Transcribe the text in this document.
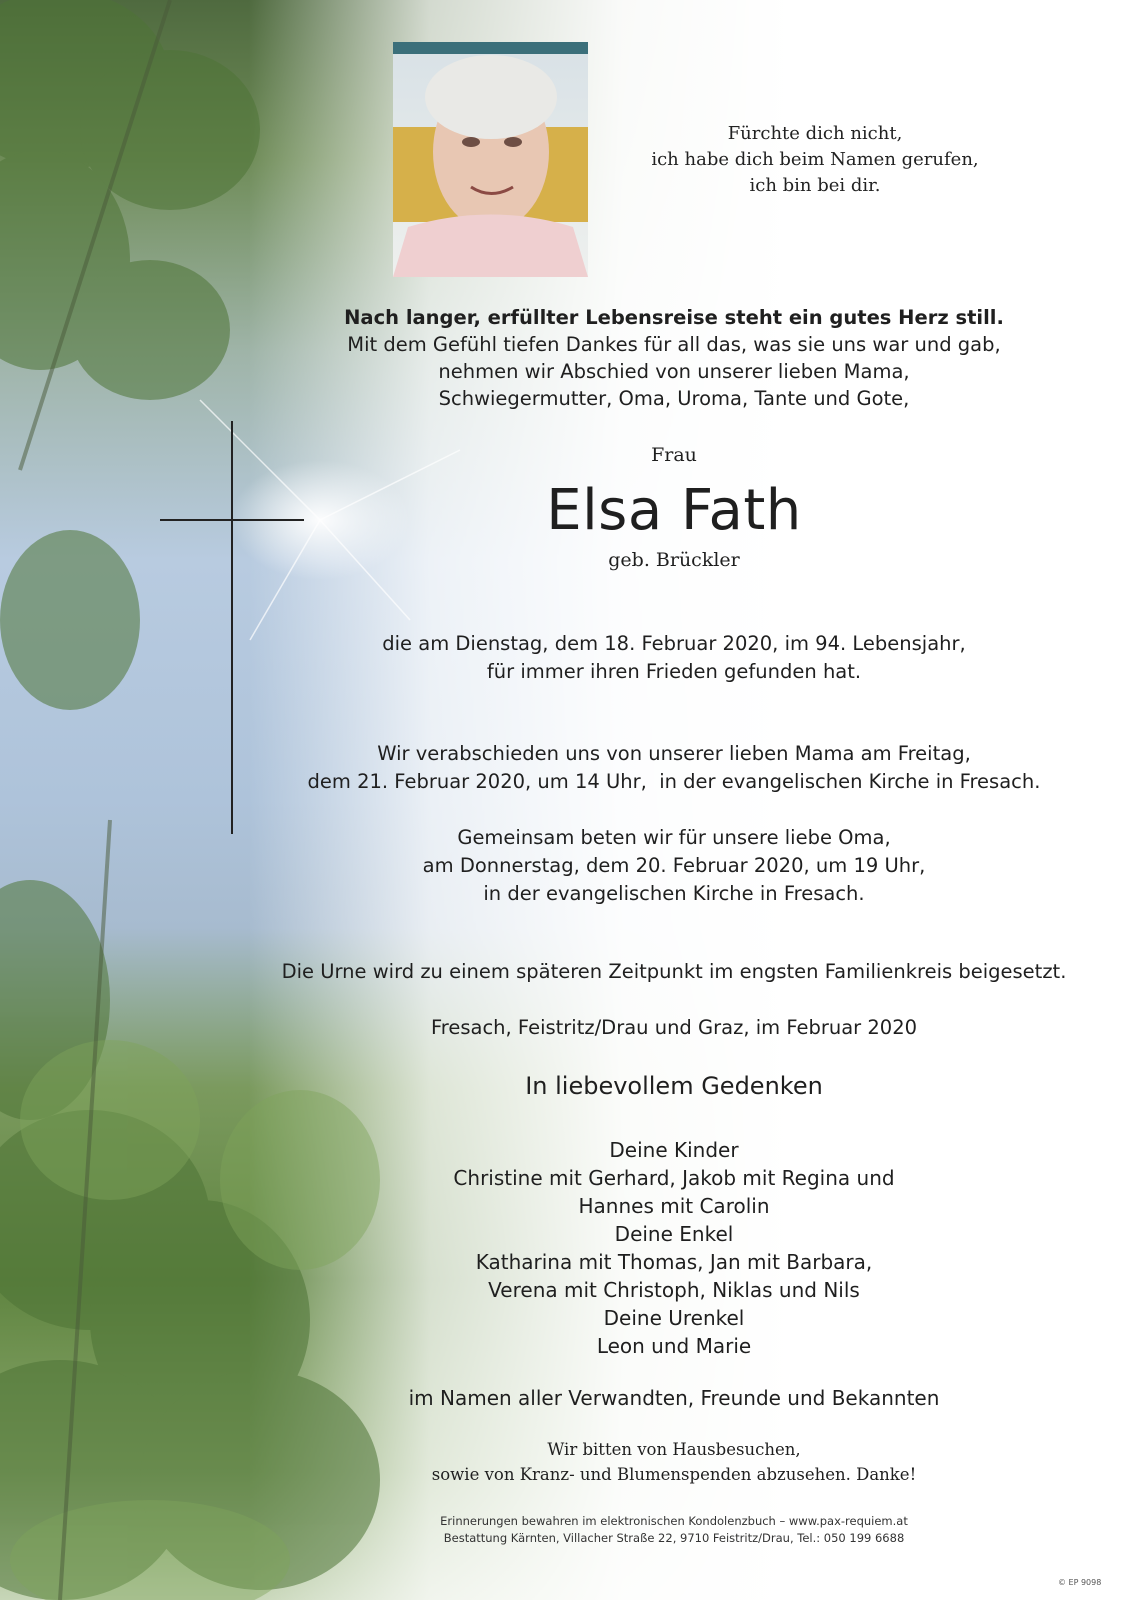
Fürchte dich nicht,
ich habe dich beim Namen gerufen,
ich bin bei dir.

Nach langer, erfüllter Lebensreise steht ein gutes Herz still.

Mit dem Gefühl tiefen Dankes für all das, was sie uns war und gab,

nehmen wir Abschied von unserer lieben Mama,

Schwiegermutter, Oma, Uroma, Tante und Gote,

Frau
Elsa Fath
geb. Brückler

die am Dienstag, dem 18. Februar 2020, im 94. Lebensjahr,

für immer ihren Frieden gefunden hat.

Wir verabschieden uns von unserer lieben Mama am Freitag,

dem 21. Februar 2020, um 14 Uhr,  in der evangelischen Kirche in Fresach.

Gemeinsam beten wir für unsere liebe Oma,

am Donnerstag, dem 20. Februar 2020, um 19 Uhr,

in der evangelischen Kirche in Fresach.

Die Urne wird zu einem späteren Zeitpunkt im engsten Familienkreis beigesetzt.
Fresach, Feistritz/Drau und Graz, im Februar 2020
In liebevollem Gedenken

Deine Kinder

Christine mit Gerhard, Jakob mit Regina und

Hannes mit Carolin

Deine Enkel

Katharina mit Thomas, Jan mit Barbara,

Verena mit Christoph, Niklas und Nils

Deine Urenkel

Leon und Marie

im Namen aller Verwandten, Freunde und Bekannten

Wir bitten von Hausbesuchen,

sowie von Kranz- und Blumenspenden abzusehen. Danke!

Erinnerungen bewahren im elektronischen Kondolenzbuch – www.pax-requiem.at

Bestattung Kärnten, Villacher Straße 22, 9710 Feistritz/Drau, Tel.: 050 199 6688

© EP 9098
